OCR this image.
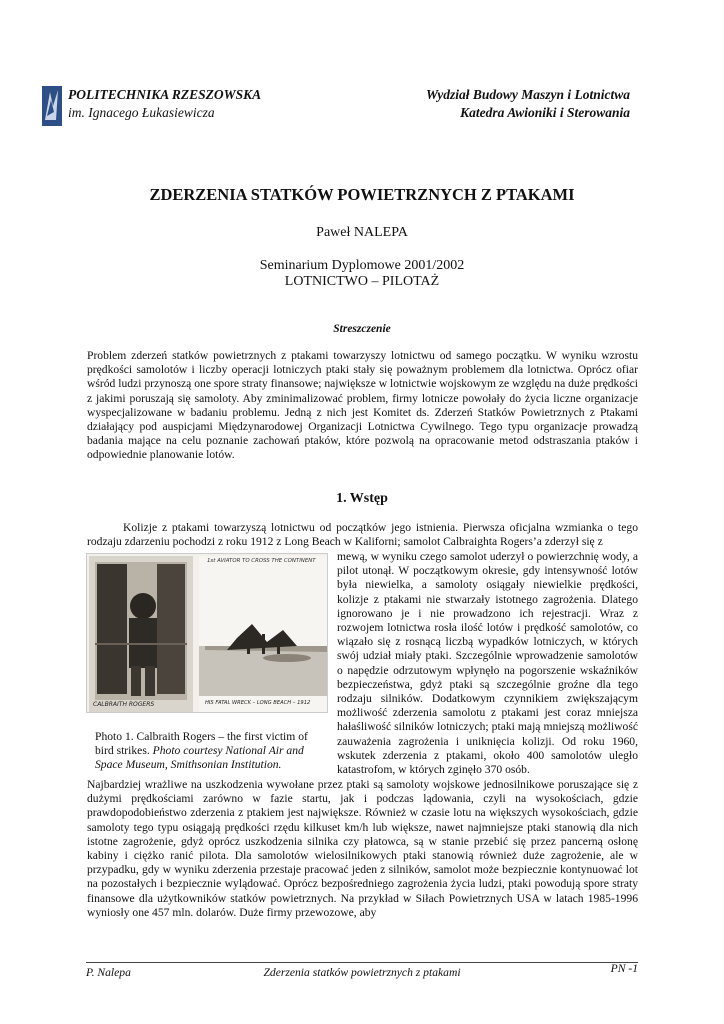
POLITECHNIKA RZESZOWSKA
im. Ignacego Łukasiewicza
Wydział Budowy Maszyn i Lotnictwa
Katedra Awioniki i Sterowania
ZDERZENIA STATKÓW POWIETRZNYCH Z PTAKAMI
Paweł NALEPA
Seminarium Dyplomowe 2001/2002
LOTNICTWO – PILOTAŻ
Streszczenie

Problem zderzeń statków powietrznych z ptakami towarzyszy lotnictwu od samego początku. W wyniku wzrostu prędkości samolotów i liczby operacji lotniczych ptaki stały się poważnym problemem dla lotnictwa. Oprócz ofiar wśród ludzi przynoszą one spore straty finansowe; największe w lotnictwie wojskowym ze względu na duże prędkości z jakimi poruszają się samoloty. Aby zminimalizować problem, firmy lotnicze powołały do życia liczne organizacje wyspecjalizowane w badaniu problemu. Jedną z nich jest Komitet ds. Zderzeń Statków Powietrznych z Ptakami działający pod auspicjami Międzynarodowej Organizacji Lotnictwa Cywilnego. Tego typu organizacje prowadzą badania mające na celu poznanie zachowań ptaków, które pozwolą na opracowanie metod odstraszania ptaków i odpowiednie planowanie lotów.

1. Wstęp

Kolizje z ptakami towarzyszą lotnictwu od początków jego istnienia. Pierwsza oficjalna wzmianka o tego rodzaju zdarzeniu pochodzi z roku 1912 z Long Beach w Kaliforni; samolot Calbraighta Rogers’a zderzył się z

1st AVIATOR TO CROSS THE CONTINENT
CALBRAITH ROGERS	HIS FATAL WRECK – LONG BEACH – 1912

Photo 1. Calbraith Rogers – the first victim of bird strikes. Photo courtesy National Air and Space Museum, Smithsonian Institution.

mewą, w wyniku czego samolot uderzył o powierzchnię wody, a pilot utonął. W początkowym okresie, gdy intensywność lotów była niewielka, a samoloty osiągały niewielkie prędkości, kolizje z ptakami nie stwarzały istotnego zagrożenia. Dlatego ignorowano je i nie prowadzono ich rejestracji. Wraz z rozwojem lotnictwa rosła ilość lotów i prędkość samolotów, co wiązało się z rosnącą liczbą wypadków lotniczych, w których swój udział miały ptaki. Szczególnie wprowadzenie samolotów o napędzie odrzutowym wpłynęło na pogorszenie wskaźników bezpieczeństwa, gdyż ptaki są szczególnie groźne dla tego rodzaju silników. Dodatkowym czynnikiem zwiększającym możliwość zderzenia samolotu z ptakami jest coraz mniejsza hałaśliwość silników lotniczych; ptaki mają mniejszą możliwość zauważenia zagrożenia i uniknięcia kolizji. Od roku 1960, wskutek zderzenia z ptakami, około 400 samolotów uległo katastrofom, w których zginęło 370 osób.

Najbardziej wrażliwe na uszkodzenia wywołane przez ptaki są samoloty wojskowe jednosilnikowe poruszające się z dużymi prędkościami zarówno w fazie startu, jak i podczas lądowania, czyli na wysokościach, gdzie prawdopodobieństwo zderzenia z ptakiem jest największe. Również w czasie lotu na większych wysokościach, gdzie samoloty tego typu osiągają prędkości rzędu kilkuset km/h lub większe, nawet najmniejsze ptaki stanowią dla nich istotne zagrożenie, gdyż oprócz uszkodzenia silnika czy płatowca, są w stanie przebić się przez pancerną osłonę kabiny i ciężko ranić pilota. Dla samolotów wielosilnikowych ptaki stanowią również duże zagrożenie, ale w przypadku, gdy w wyniku zderzenia przestaje pracować jeden z silników, samolot może bezpiecznie kontynuować lot na pozostałych i bezpiecznie wylądować. Oprócz bezpośredniego zagrożenia życia ludzi, ptaki powodują spore straty finansowe dla użytkowników statków powietrznych. Na przykład w Siłach Powietrznych USA w latach 1985-1996 wyniosły one 457 mln. dolarów. Duże firmy przewozowe, aby

P. Nalepa	Zderzenia statków powietrznych z ptakami	PN -1
